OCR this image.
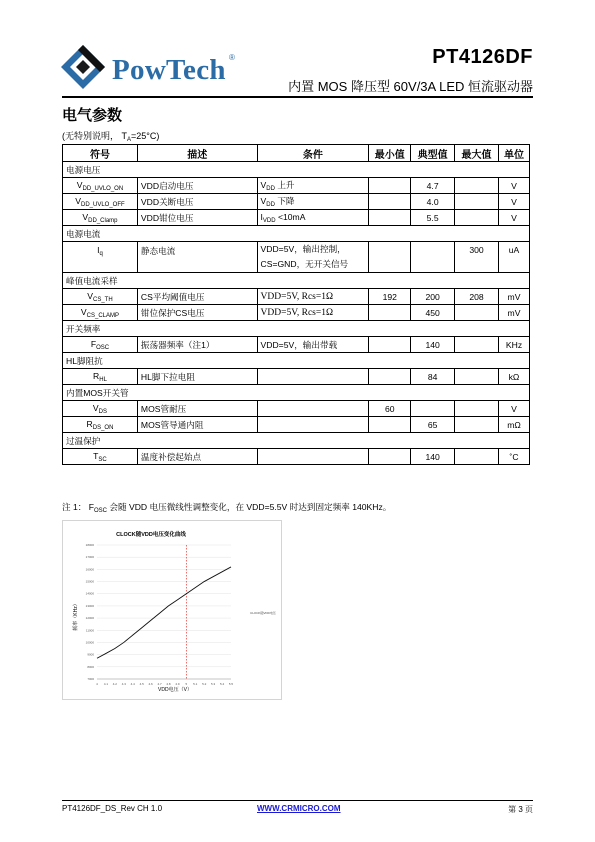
PowTech ®	PT4126DF
内置 MOS 降压型 60V/3A LED 恒流驱动器
电气参数
(无特别说明， $T_A=25^\circ C$)
符号	描述	条件	最小值	典型值	最大值	单位
电源电压						
$V_{DD\_UVLO\_ON}$	VDD启动电压	$V_{DD}$ 上升		4.7		V
$V_{DD\_UVLO\_OFF}$	VDD关断电压	$V_{DD}$ 下降		4.0		V
$V_{DD\_Clamp}$	VDD钳位电压	$I_{VDD} <10mA$		5.5		V
电源电流						
$I_q$	静态电流	VDD=5V，输出控制，
CS=GND，无开关信号			300	uA
峰值电流采样						
$V_{CS\_TH}$	CS平均阈值电压	VDD=5V, Rcs=1Ω	192	200	208	mV
$V_{CS\_CLAMP}$	钳位保护CS电压	VDD=5V, Rcs=1Ω		450		mV
开关频率						
$F_{OSC}$	振荡器频率（注1）	VDD=5V，输出带载		140		KHz
HL脚阻抗						
$R_{HL}$	HL脚下拉电阻			84		kΩ
内置MOS开关管						
$V_{DS}$	MOS管耐压		60			V
$R_{DS\_ON}$	MOS管导通内阻			65		mΩ
过温保护						
$T_{SC}$	温度补偿起始点			140		˚C
注 1： $F_{OSC}$ 会随 VDD 电压微线性调整变化，在 VDD=5.5V 时达到固定频率 140KHz。
CLOCK随VDD电压变化曲线
7000
8000
9000
10000
11000
12000
13000
14000
15000
16000
17000
18000
4 4.1 4.2 4.3 4.4 4.5 4.6 4.7 4.8 4.9 5 5.1 5.2 5.3 5.4 5.5
频率（KHz）
VDD电压（V）
CLOCK随VDD电压
PT4126DF_DS_Rev CH 1.0	WWW.CRMICRO.COM	第 3 页
